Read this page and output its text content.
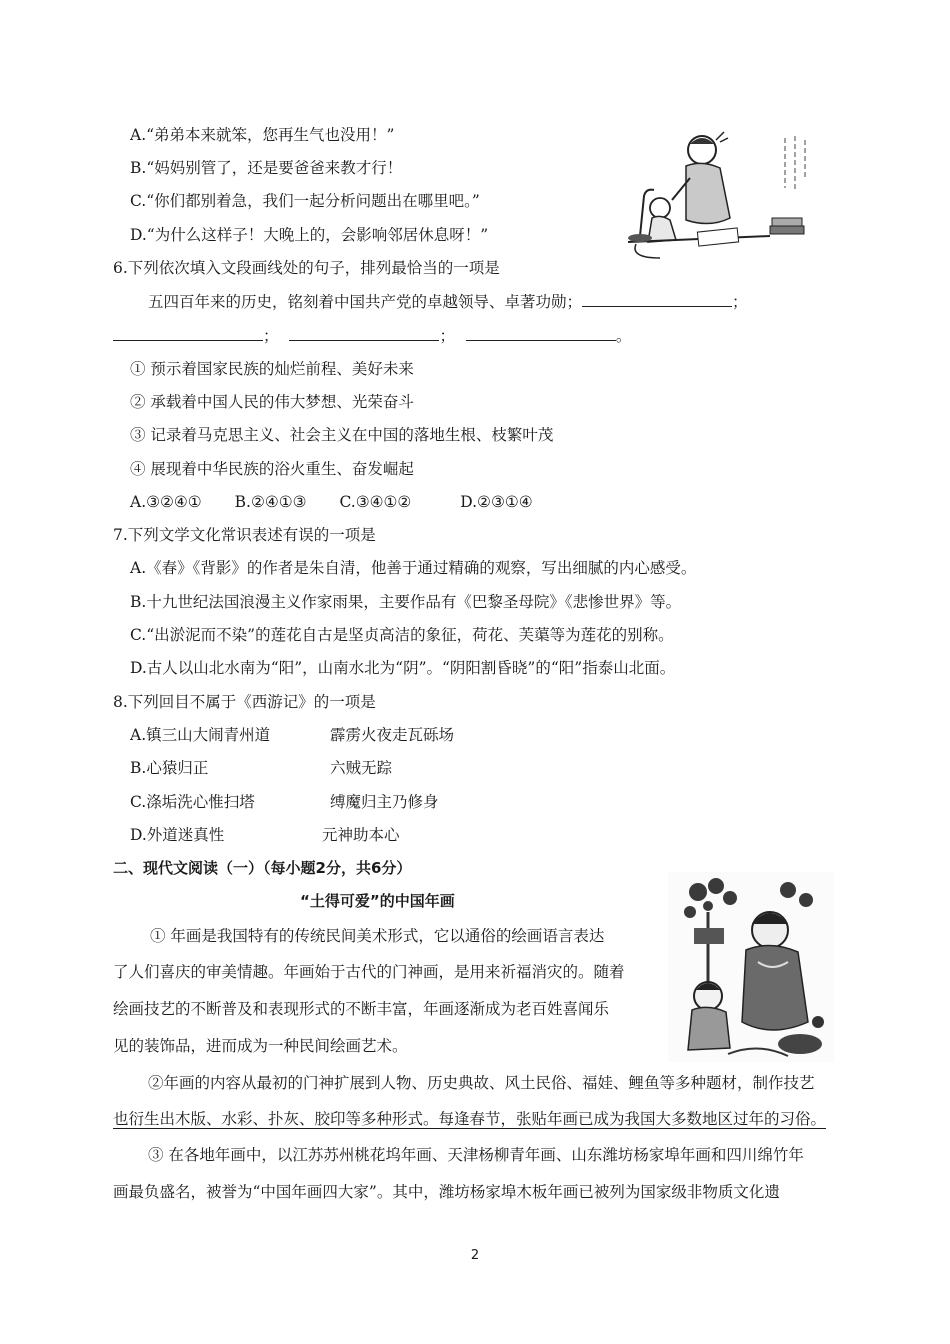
A.“弟弟本来就笨，您再生气也没用！”
B.“妈妈别管了，还是要爸爸来教才行！
C.“你们都别着急，我们一起分析问题出在哪里吧。”
D.“为什么这样子！大晚上的，会影响邻居休息呀！”
6.下列依次填入文段画线处的句子，排列最恰当的一项是
五四百年来的历史，铭刻着中国共产党的卓越领导、卓著功勋；	；
；	；	。
① 预示着国家民族的灿烂前程、美好未来
② 承载着中国人民的伟大梦想、光荣奋斗
③ 记录着马克思主义、社会主义在中国的落地生根、枝繁叶茂
④ 展现着中华民族的浴火重生、奋发崛起
A.③②④① B.②④①③ C.③④①②	D.②③①④
7.下列文学文化常识表述有误的一项是
A.《春》《背影》的作者是朱自清，他善于通过精确的观察，写出细腻的内心感受。
B.十九世纪法国浪漫主义作家雨果，主要作品有《巴黎圣母院》《悲惨世界》等。
C.“出淤泥而不染”的莲花自古是坚贞高洁的象征，荷花、芙蕖等为莲花的别称。
D.古人以山北水南为“阳”，山南水北为“阴”。“阴阳割昏晓”的“阳”指泰山北面。
8.下列回目不属于《西游记》的一项是
A.镇三山大闹青州道	霹雳火夜走瓦砾场
B.心猿归正	六贼无踪
C.涤垢洗心惟扫塔	缚魔归主乃修身
D.外道迷真性	元神助本心
二、现代文阅读（一）（每小题2分，共6分）
“土得可爱”的中国年画
① 年画是我国特有的传统民间美术形式，它以通俗的绘画语言表达
了人们喜庆的审美情趣。年画始于古代的门神画，是用来祈福消灾的。随着
绘画技艺的不断普及和表现形式的不断丰富，年画逐渐成为老百姓喜闻乐
见的装饰品，进而成为一种民间绘画艺术。
②年画的内容从最初的门神扩展到人物、历史典故、风土民俗、福娃、鲤鱼等多种题材，制作技艺
也衍生出木版、水彩、扑灰、胶印等多种形式。每逢春节，张贴年画已成为我国大多数地区过年的习俗。
③ 在各地年画中，以江苏苏州桃花坞年画、天津杨柳青年画、山东潍坊杨家埠年画和四川绵竹年
画最负盛名，被誉为“中国年画四大家”。其中，潍坊杨家埠木板年画已被列为国家级非物质文化遗
2
